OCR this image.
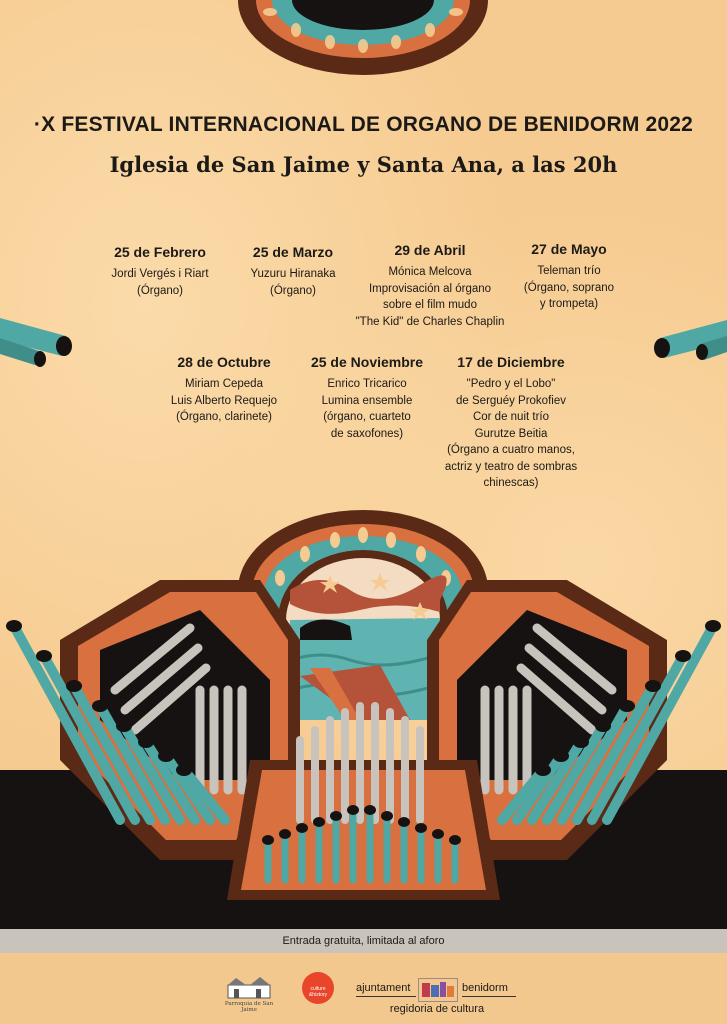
·X FESTIVAL INTERNACIONAL DE ORGANO DE BENIDORM 2022
Iglesia de San Jaime y Santa Ana, a las 20h
25 de Febrero
Jordi Vergés i Riart
(Órgano)
25 de Marzo
Yuzuru Hiranaka
(Órgano)
29 de Abril
Mónica Melcova
Improvisación al órgano
sobre el film mudo
"The Kid" de Charles Chaplin
27 de Mayo
Teleman trío
(Órgano, soprano
y trompeta)
28 de Octubre
Miriam Cepeda
Luis Alberto Requejo
(Órgano, clarinete)
25 de Noviembre
Enrico Tricarico
Lumina ensemble
(órgano, cuarteto
de saxofones)
17 de Diciembre
"Pedro y el Lobo"
de Serguéy Prokofiev
Cor de nuit trío
Gurutze Beitia
(Órgano a cuatro manos,
actriz y teatro de sombras
chinescas)
Entrada gratuita, limitada al aforo
Parroquia de San Jaime
culture
&history
ajuntament	benidorm
regidoria de cultura
